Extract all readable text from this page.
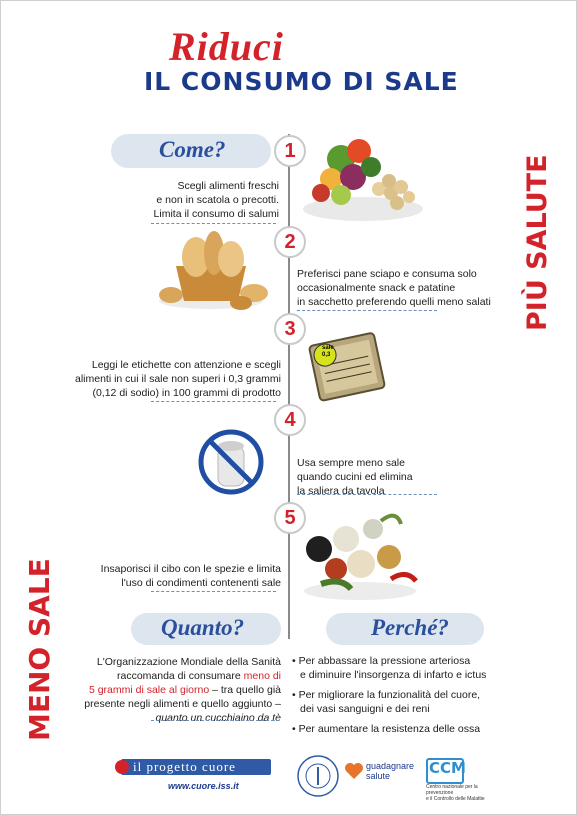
Riduci
IL CONSUMO DI SALE
PIÙ SALUTE
MENO SALE
Come?	1
Scegli alimenti freschi
e non in scatola o precotti.
Limita il consumo di salumi
2
Preferisci pane sciapo e consuma solo
occasionalmente snack e patatine
in sacchetto preferendo quelli meno salati
3
Leggi le etichette con attenzione e scegli
alimenti in cui il sale non superi i 0,3 grammi
(0,12 di sodio) in 100 grammi di prodotto
sale
0,3
4
Usa sempre meno sale
quando cucini ed elimina
la saliera da tavola
5
Insaporisci il cibo con le spezie e limita
l'uso di condimenti contenenti sale
Quanto?	Perché?
L'Organizzazione Mondiale della Sanità
raccomanda di consumare meno di
5 grammi di sale al giorno – tra quello già
presente negli alimenti e quello aggiunto –
quanto un cucchiaino da tè
• Per abbassare la pressione arteriosa
e diminuire l'insorgenza di infarto e ictus
• Per migliorare la funzionalità del cuore,
dei vasi sanguigni e dei reni
• Per aumentare la resistenza delle ossa
il progetto cuore
www.cuore.iss.it
guadagnare
salute	CCM
Centro nazionale per la prevenzione
e il Controllo delle Malattie
